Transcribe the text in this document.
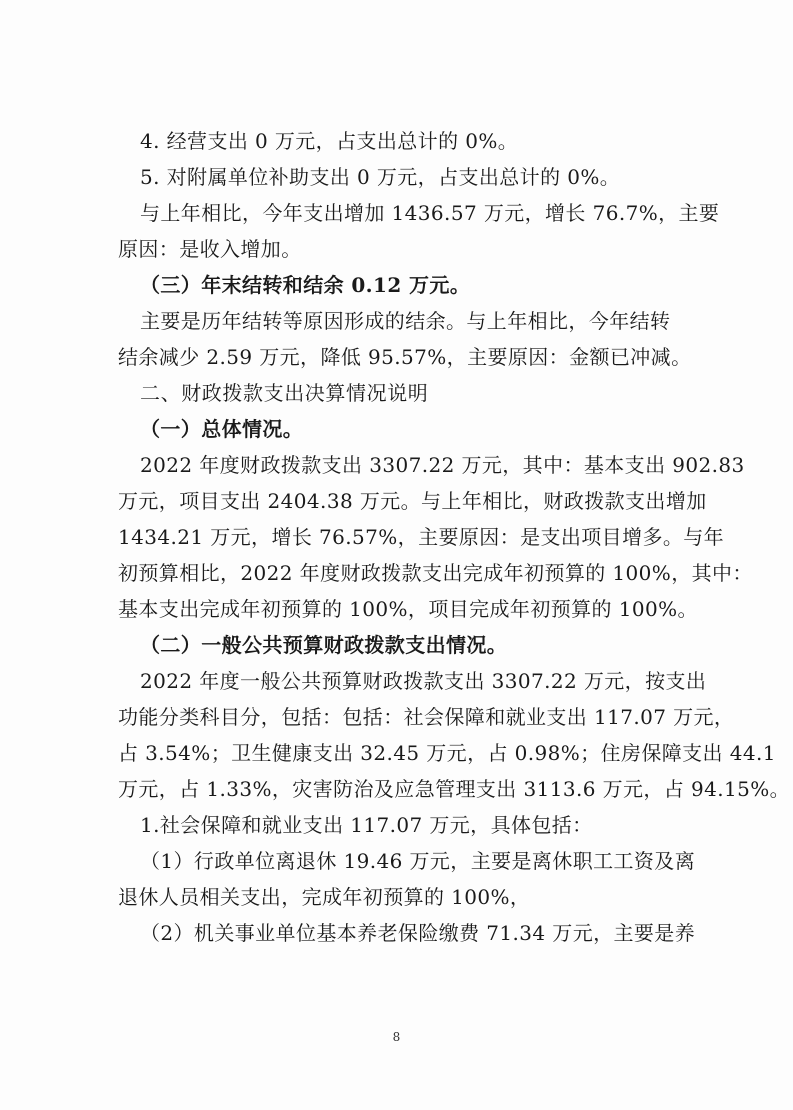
4. 经营支出 0 万元，占支出总计的 0%。
5. 对附属单位补助支出 0 万元，占支出总计的 0%。
与上年相比，今年支出增加 1436.57 万元，增长 76.7%，主要
原因：是收入增加。
（三）年末结转和结余 0.12 万元。
主要是历年结转等原因形成的结余。与上年相比，今年结转
结余减少 2.59 万元，降低 95.57%，主要原因：金额已冲减。
二、财政拨款支出决算情况说明
（一）总体情况。
2022 年度财政拨款支出 3307.22 万元，其中：基本支出 902.83
万元，项目支出 2404.38 万元。与上年相比，财政拨款支出增加
1434.21 万元，增长 76.57%，主要原因：是支出项目增多。与年
初预算相比，2022 年度财政拨款支出完成年初预算的 100%，其中：
基本支出完成年初预算的 100%，项目完成年初预算的 100%。
（二）一般公共预算财政拨款支出情况。
2022 年度一般公共预算财政拨款支出 3307.22 万元，按支出
功能分类科目分，包括：包括：社会保障和就业支出 117.07 万元，
占 3.54%；卫生健康支出 32.45 万元，占 0.98%；住房保障支出 44.1
万元，占 1.33%，灾害防治及应急管理支出 3113.6 万元，占 94.15%。
1.社会保障和就业支出 117.07 万元，具体包括：
（1）行政单位离退休 19.46 万元，主要是离休职工工资及离
退休人员相关支出，完成年初预算的 100%，
（2）机关事业单位基本养老保险缴费 71.34 万元，主要是养
8
